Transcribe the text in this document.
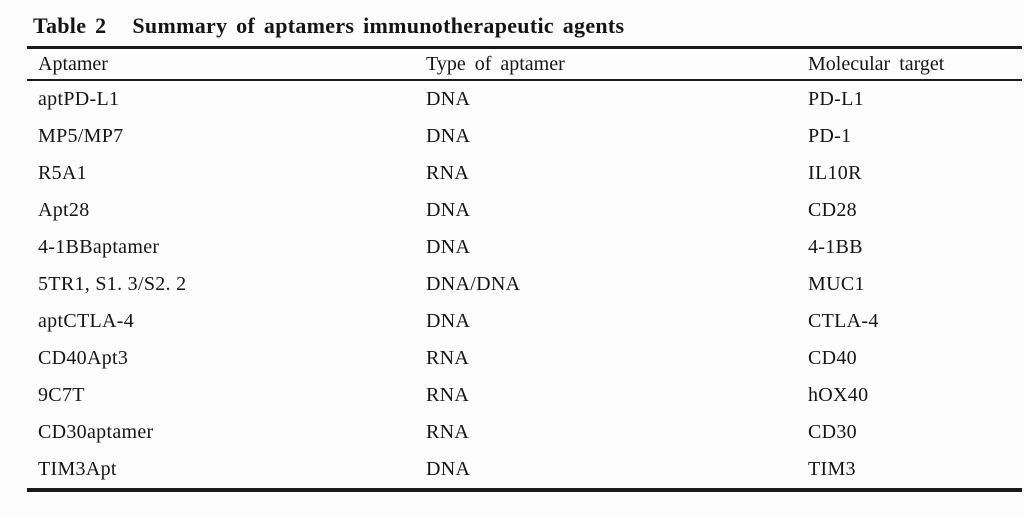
Table 2 Summary of aptamers immunotherapeutic agents
Aptamer	Type of aptamer	Molecular target
aptPD-L1	DNA	PD-L1
MP5/MP7	DNA	PD-1
R5A1	RNA	IL10R
Apt28	DNA	CD28
4-1BBaptamer	DNA	4-1BB
5TR1, S1. 3/S2. 2	DNA/DNA	MUC1
aptCTLA-4	DNA	CTLA-4
CD40Apt3	RNA	CD40
9C7T	RNA	hOX40
CD30aptamer	RNA	CD30
TIM3Apt	DNA	TIM3
